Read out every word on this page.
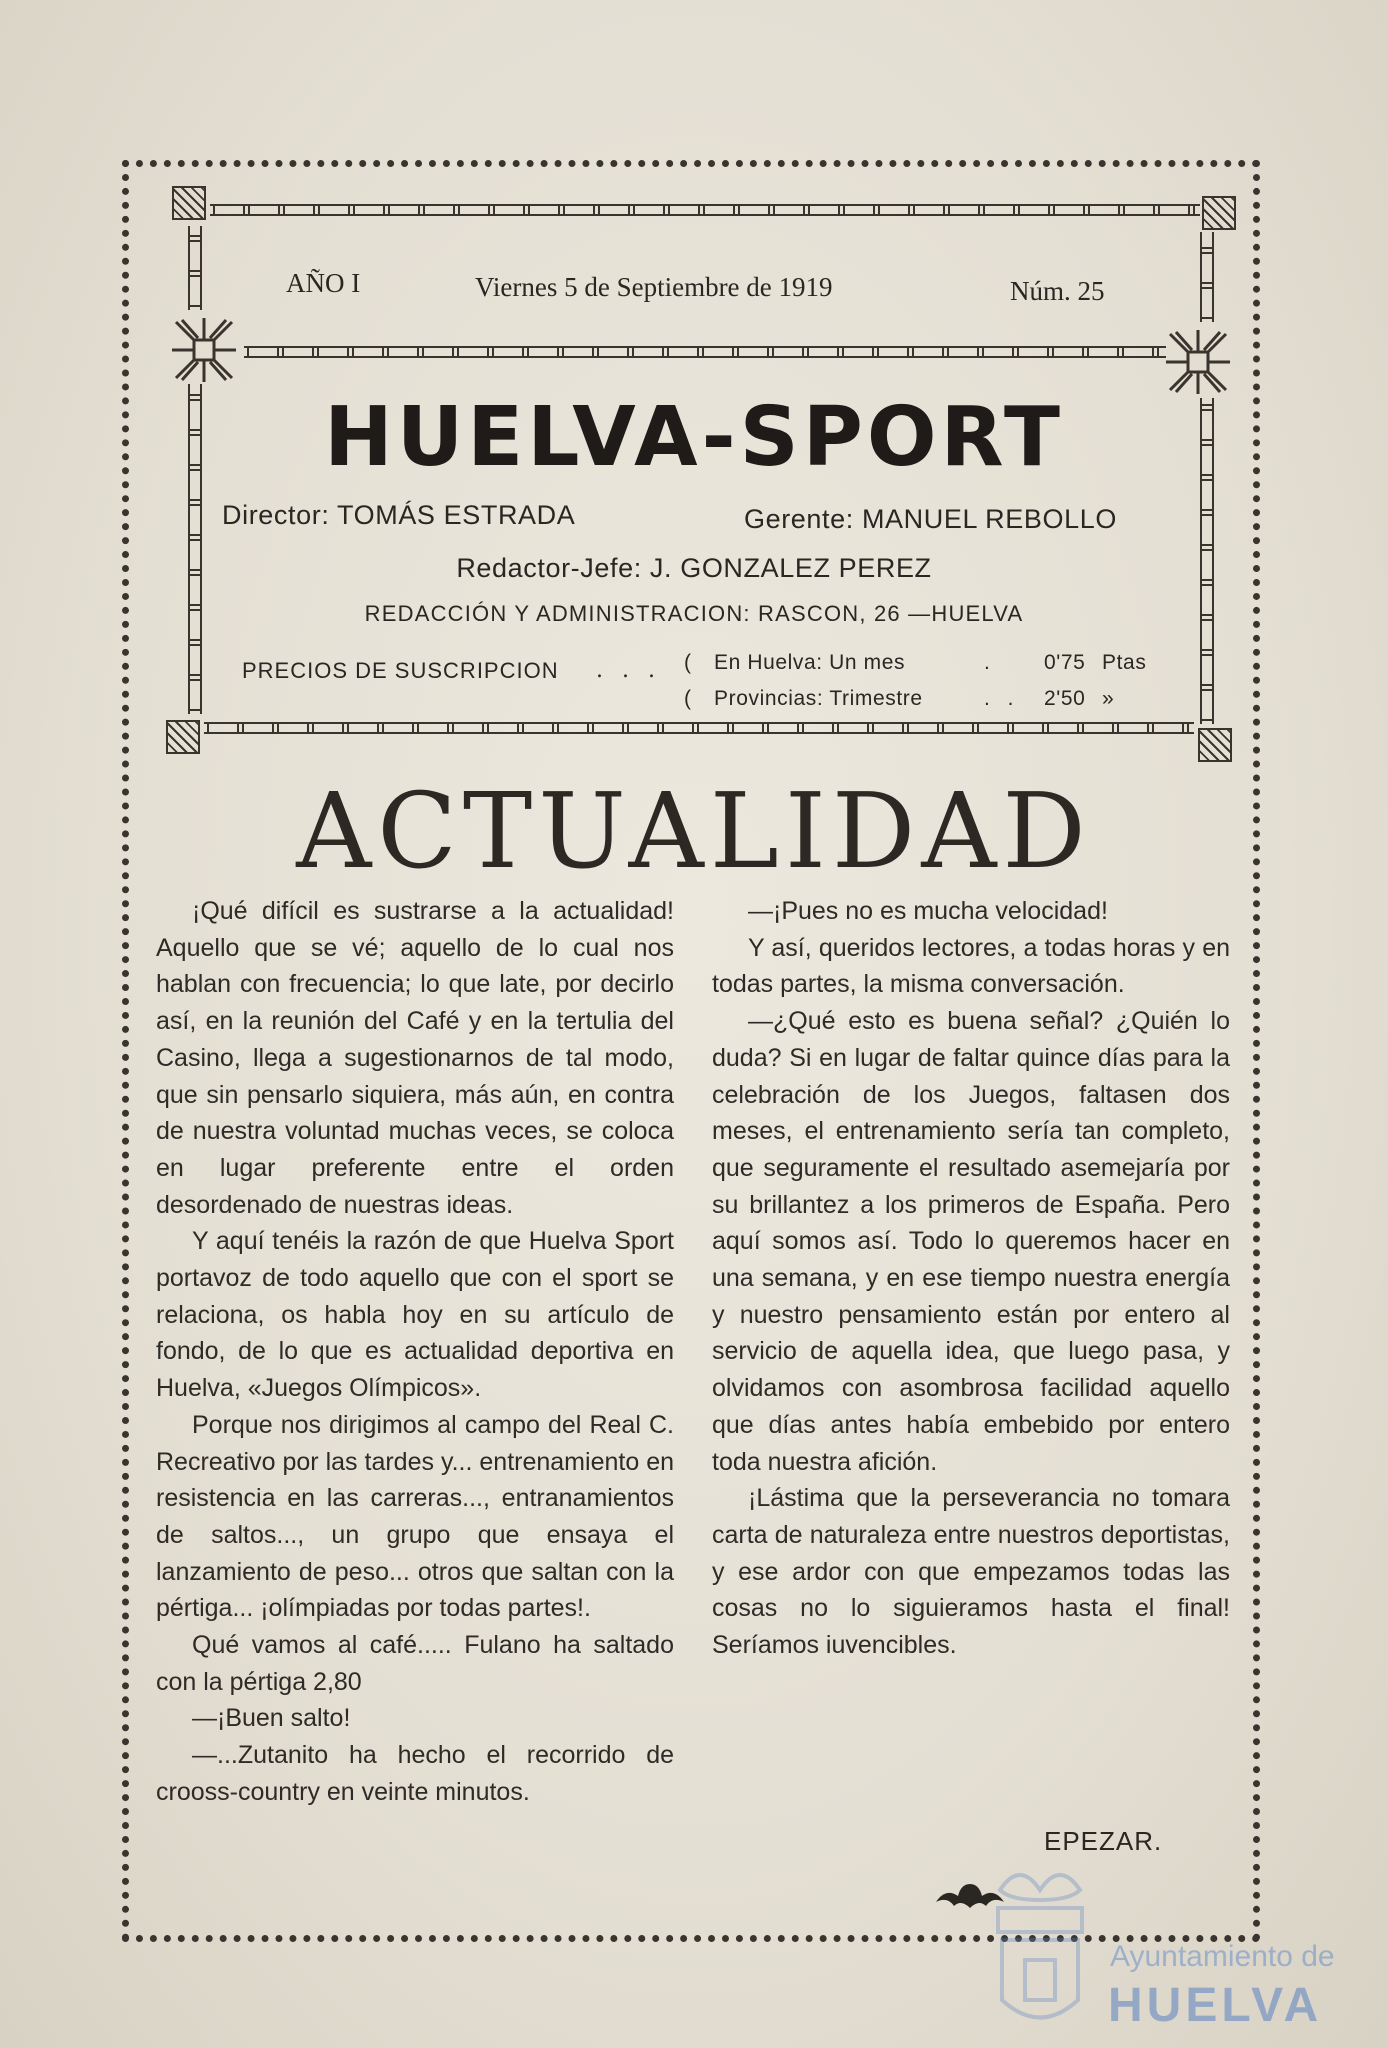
AÑO I	Viernes 5 de Septiembre de 1919	Núm. 25
HUELVA-SPORT
Director: TOMÁS ESTRADA	Gerente: MANUEL REBOLLO
Redactor-Jefe: J. GONZALEZ PEREZ
REDACCIÓN Y ADMINISTRACION: RASCON, 26 —HUELVA
PRECIOS DE SUSCRIPCION . . . ( En Huelva: Un mes	. 0'75 Ptas
( Provincias: Trimestre	. . 2'50 »
ACTUALIDAD

¡Qué difícil es sustrarse a la actualidad! Aquello que se vé; aquello de lo cual nos hablan con frecuencia; lo que late, por decirlo así, en la reunión del Café y en la tertulia del Casino, llega a sugestionarnos de tal modo, que sin pensarlo siquiera, más aún, en contra de nuestra voluntad muchas veces, se coloca en lugar preferente entre el orden desordenado de nuestras ideas.

Y aquí tenéis la razón de que Huelva Sport portavoz de todo aquello que con el sport se relaciona, os habla hoy en su artículo de fondo, de lo que es actualidad deportiva en Huelva, «Juegos Olímpicos».

Porque nos dirigimos al campo del Real C. Recreativo por las tardes y... entrenamiento en resistencia en las carreras..., entranamientos de saltos..., un grupo que ensaya el lanzamiento de peso... otros que saltan con la pértiga... ¡olímpiadas por todas partes!.

Qué vamos al café..... Fulano ha saltado con la pértiga 2,80

—¡Buen salto!

—...Zutanito ha hecho el recorrido de crooss-country en veinte minutos.

—¡Pues no es mucha velocidad!

Y así, queridos lectores, a todas horas y en todas partes, la misma conversación.

—¿Qué esto es buena señal? ¿Quién lo duda? Si en lugar de faltar quince días para la celebración de los Juegos, faltasen dos meses, el entrenamiento sería tan completo, que seguramente el resultado asemejaría por su brillantez a los primeros de España. Pero aquí somos así. Todo lo queremos hacer en una semana, y en ese tiempo nuestra energía y nuestro pensamiento están por entero al servicio de aquella idea, que luego pasa, y olvidamos con asombrosa facilidad aquello que días antes había embebido por entero toda nuestra afición.

¡Lástima que la perseverancia no tomara carta de naturaleza entre nuestros deportistas, y ese ardor con que empezamos todas las cosas no lo siguieramos hasta el final! Seríamos iuvencibles.

EPEZAR.
Ayuntamiento de
HUELVA
